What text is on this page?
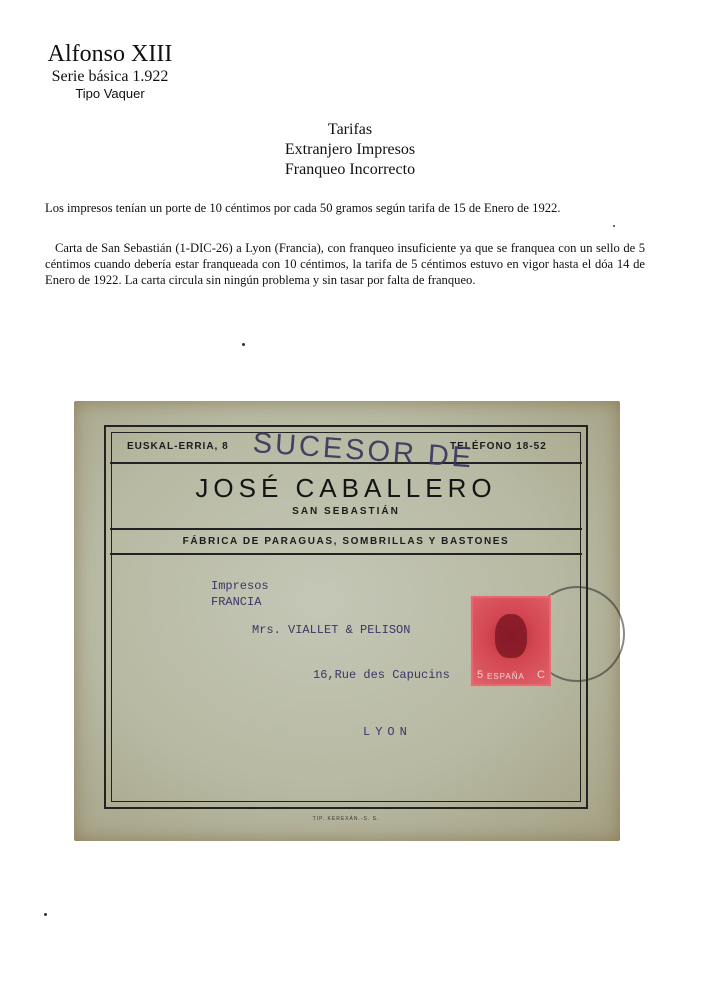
Alfonso XIII
Serie básica 1.922
Tipo Vaquer
Tarifas
Extranjero Impresos
Franqueo Incorrecto
Los impresos tenían un porte de 10 céntimos por cada 50 gramos según tarifa de 15 de Enero de 1922.
Carta de San Sebastián (1-DIC-26) a Lyon (Francia), con franqueo insuficiente ya que se franquea con un sello de 5 céntimos cuando debería estar franqueada con 10 céntimos, la tarifa de 5 céntimos estuvo en vigor hasta el dóa 14 de Enero de 1922. La carta circula sin ningún problema y sin tasar por falta de franqueo.
EUSKAL-ERRIA, 8	TELÉFONO 18-52
SUCESOR DE
JOSÉ CABALLERO
SAN SEBASTIÁN
FÁBRICA DE PARAGUAS, SOMBRILLAS Y BASTONES
Impresos
FRANCIA
Mrs. VIALLET & PELISON
16,Rue des Capucins
LYON
5 ESPAÑA C
TIP. KEREXÁN.-S. S.
